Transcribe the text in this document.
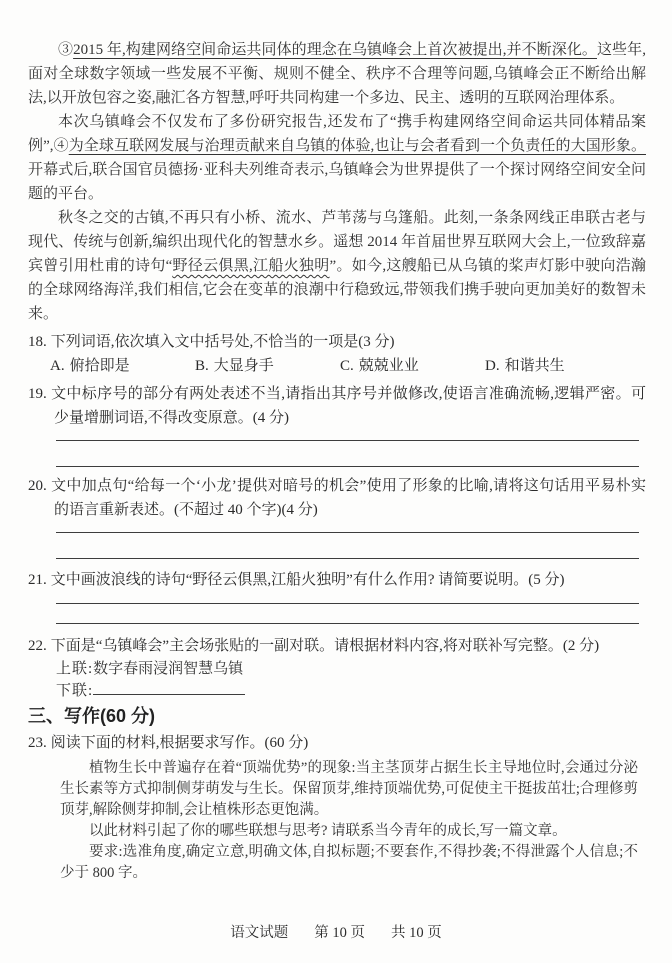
③2015 年,构建网络空间命运共同体的理念在乌镇峰会上首次被提出,并不断深化。这些年,面对全球数字领域一些发展不平衡、规则不健全、秩序不合理等问题,乌镇峰会正不断给出解法,以开放包容之姿,融汇各方智慧,呼吁共同构建一个多边、民主、透明的互联网治理体系。

本次乌镇峰会不仅发布了多份研究报告,还发布了“携手构建网络空间命运共同体精品案例”,④为全球互联网发展与治理贡献来自乌镇的体验,也让与会者看到一个负责任的大国形象。开幕式后,联合国官员德扬·亚科夫列维奇表示,乌镇峰会为世界提供了一个探讨网络空间安全问题的平台。

秋冬之交的古镇,不再只有小桥、流水、芦苇荡与乌篷船。此刻,一条条网线正串联古老与现代、传统与创新,编织出现代化的智慧水乡。遥想 2014 年首届世界互联网大会上,一位致辞嘉宾曾引用杜甫的诗句“野径云俱黑,江船火独明”。如今,这艘船已从乌镇的桨声灯影中驶向浩瀚的全球网络海洋,我们相信,它会在变革的浪潮中行稳致远,带领我们携手驶向更加美好的数智未来。

18. 下列词语,依次填入文中括号处,不恰当的一项是(3 分)

A. 俯拾即是	B. 大显身手	C. 兢兢业业	D. 和谐共生

19. 文中标序号的部分有两处表述不当,请指出其序号并做修改,使语言准确流畅,逻辑严密。可少量增删词语,不得改变原意。(4 分)

20. 文中加点句“给每一个‘小龙’提供对暗号的机会”使用了形象的比喻,请将这句话用平易朴实的语言重新表述。(不超过 40 个字)(4 分)

21. 文中画波浪线的诗句“野径云俱黑,江船火独明”有什么作用? 请简要说明。(5 分)

22. 下面是“乌镇峰会”主会场张贴的一副对联。请根据材料内容,将对联补写完整。(2 分)

上联:数字春雨浸润智慧乌镇

下联:

三、写作(60 分)

23. 阅读下面的材料,根据要求写作。(60 分)

植物生长中普遍存在着“顶端优势”的现象:当主茎顶芽占据生长主导地位时,会通过分泌生长素等方式抑制侧芽萌发与生长。保留顶芽,维持顶端优势,可促使主干挺拔茁壮;合理修剪顶芽,解除侧芽抑制,会让植株形态更饱满。

以此材料引起了你的哪些联想与思考? 请联系当今青年的成长,写一篇文章。

要求:选准角度,确定立意,明确文体,自拟标题;不要套作,不得抄袭;不得泄露个人信息;不少于 800 字。

语文试题 第 10 页 共 10 页
